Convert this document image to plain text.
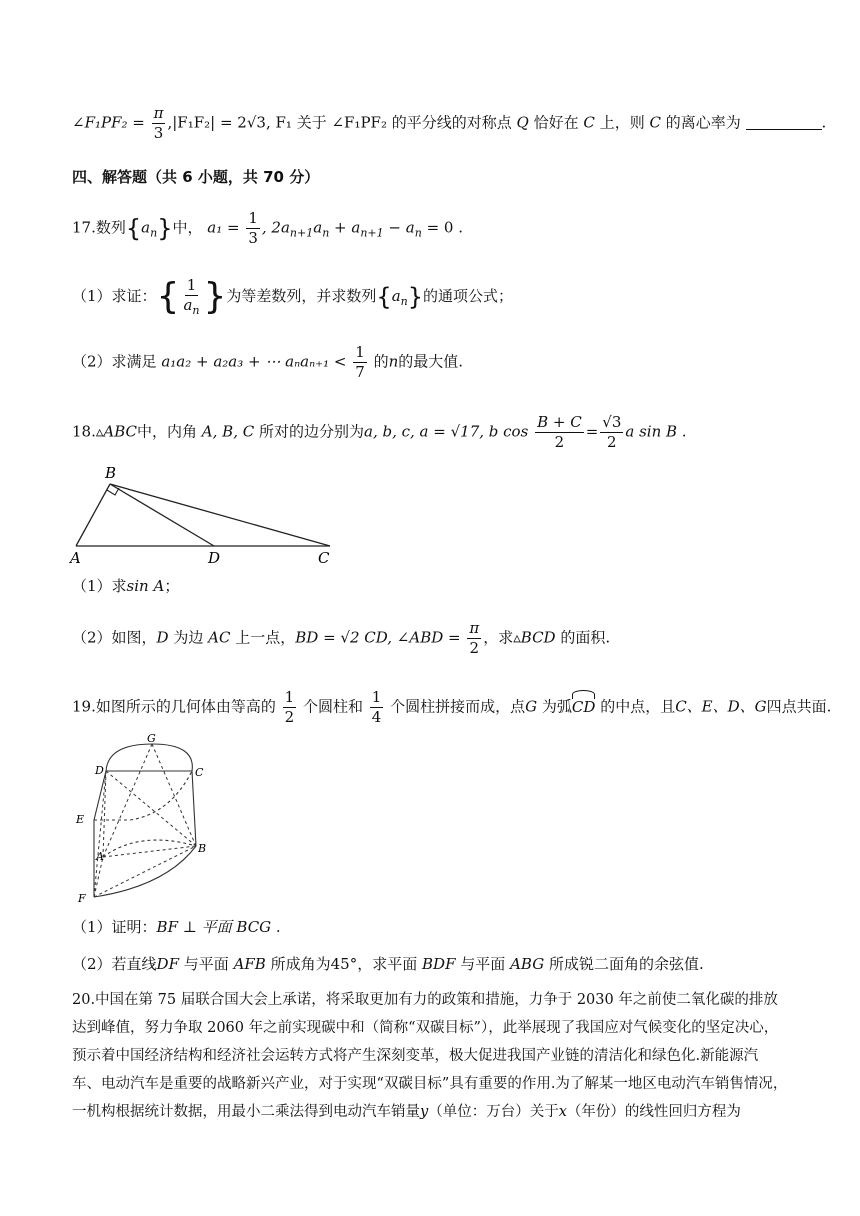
∠F₁PF₂ = $\frac{\pi}{3} ,|F_1F_2| = 2√3$, F₁ 关于 ∠F₁PF₂ 的平分线的对称点 Q 恰好在 C 上，则 C 的离心率为	.
四、解答题（共 6 小题，共 70 分）
17.数列$\{a_n\}$中， $a_1 = \frac{1}{3}$ , $2a_{n+1}a_n + a_{n+1} - a_n = 0$ .
（1）求证：{ $\frac{1}{a_n}$ }为等差数列，并求数列$\{a_n\}$的通项公式；
（2）求满足 a₁a₂ + a₂a₃ + ⋯ $a_na_{n+1} < \frac{1}{7}$ 的n的最大值.
18.▵ABC中，内角 A, B, C 所对的边分别为a, b, c, a = √17, b $\cos \frac{B + C}{2} = \frac{√3}{2}$ a sin B .
B
A	D	C
（1）求sin A；
（2）如图，D 为边 AC 上一点，BD = √2 CD, ∠ABD = $\frac{\pi}{2}$ ，求▵BCD 的面积.
19.如图所示的几何体由等高的 $\frac{1}{2}$ 个圆柱和 $\frac{1}{4}$ 个圆柱拼接而成，点G 为弧CD 的中点，且C、E、D、G四点共面.
G
D	C
E
A
B
F
（1）证明：BF ⊥ 平面 BCG .
（2）若直线DF 与平面 AFB 所成角为45°，求平面 BDF 与平面 ABG 所成锐二面角的余弦值.
20.中国在第 75 届联合国大会上承诺，将采取更加有力的政策和措施，力争于 2030 年之前使二氧化碳的排放
达到峰值，努力争取 2060 年之前实现碳中和（简称“双碳目标”），此举展现了我国应对气候变化的坚定决心，
预示着中国经济结构和经济社会运转方式将产生深刻变革，极大促进我国产业链的清洁化和绿色化.新能源汽
车、电动汽车是重要的战略新兴产业，对于实现“双碳目标”具有重要的作用.为了解某一地区电动汽车销售情况，
一机构根据统计数据，用最小二乘法得到电动汽车销量y（单位：万台）关于x（年份）的线性回归方程为
